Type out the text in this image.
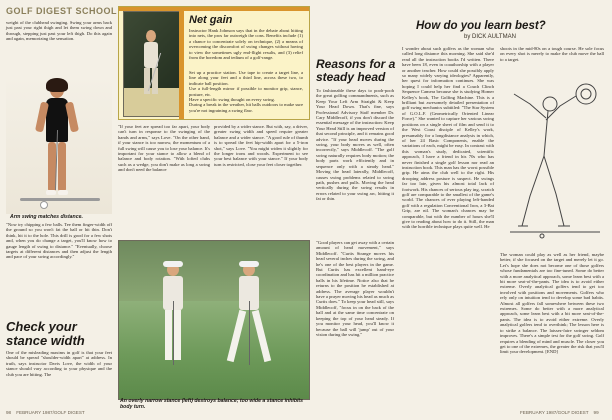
GOLF DIGEST SCHOOL
weight of the clubhead swinging. Swing your arms back just past your right thigh and let them swing down and through, stepping just past your left thigh. Do this again and again, memorizing the sensation.
Arm swing matches distance.
"Now try chipping a few balls. Tee them finger-width off the ground so you won't fat the ball or hit thin. Don't think, hit it to the hole. This drill is good for a few shots and, when you do change a target, you'll know how to gauge length of swing to distance." "Eventually, choose targets at different distances and then adjust the length and pace of your swing accordingly."
Check your
stance width
One of the misleading maxims in golf is that your feet should be spread "shoulder-width apart" at address. In truth, says instructor Davis Love, the width of your stance should vary according to your physique and the club you are hitting. The
Net gain
Instructor Hank Johnson says that in the debate about hitting into nets, the pros far outweigh the cons. Benefits include (1) a chance to concentrate solely on technique, (2) a means of overcoming the discomfort of swing changes without having to view the sometimes ugly end-flight results, and (3) relief from the boredom and tedium of a golf-range.
Set up a practice station. Use tape to create a target line, a line along your feet and a third line, across these two, to indicate ball position.
Use a full-length mirror if possible to monitor grip, stance, posture, etc.
Have a specific swing thought on every swing.
During a break in the weather, hit balls outdoors to make sure you're not ingraining a swing flaw.
"If your feet are spread too far apart, your body can't turn in response to the swinging of the hands and arms," says Love. "On the other hand, if your stance is too narrow, the momentum of a full swing will cause you to lose your balance. It's important for your stance to allow a blend of balance and body rotation. "With lofted clubs such as a wedge, you don't make as long a swing and don't need the balance
provided by a wider stance. But with, say, a driver, greater swing width and speed require greater balance and a wider stance. "A good rule of thumb is to spread the feet hip-width apart for a 5-iron shot," says Love. "You might widen it slightly for the longer irons and woods. Experiment to see your best balance with your stance." If your body turn is restricted, close your feet closer together.
An overly narrow stance (left) destroys balance; too wide a stance inhibits body turn.
Reasons for a
steady head
To fashionable these days to pooh-pooh the great golfing commandments, such as Keep Your Left Arm Straight & Keep Your Head Down. That's fine, says Professional Advisory Staff member Dr. Cary Middlecoff, if you don't discard the essential message of the instruction: Keep Your Head Still is an improved version of that second principle, and it remains good advice. "If your head moves during the swing, your body moves as well, often incorrectly," says Middlecoff. "The golf swing naturally requires body motion; the body parts work efficiently and in sequence only with a steady head." Moving the head laterally, Middlecoff, causes swing problems related to swing path, pushes and pulls. Moving the head vertically during the swing results in errors related to your swing arc, hitting it fat or thin.
"Good players can get away with a certain amount of head movement," says Middlecoff. "Curtis Strange moves his head several inches during the swing, and he's one of the best players in the game. But Curtis has excellent hand-eye coordination and has hit a million practice balls in his lifetime. Notice also that he returns to the position he established at address. The average player wouldn't have a prayer moving his head as much as Curtis does." To keep your head still, says Middlecoff, "focus in on the back of the ball and at the same time concentrate on keeping the top of your head steady. If you monitor your head, you'll know it because the ball will 'jump' out of your vision during the swing."
How do you learn best?
by DICK AULTMAN
I wonder about such golfers as the woman who called long distance this morning. She said she'd read all the instruction books I'd written. There have been 18, even in coauthorship with a player or another teacher. How could she possibly apply so many widely varying ideologies? Apparently, her quest for information continues. She was hoping I could help her find a Couch Clinch Sequence Camera because she is studying Homer Kelley's book, The Golfing Machine. This is a brilliant but awesomely detailed presentation of golf swing mechanics subtitled: "The Star System of G.O.L.F. (Geometrically Oriented Linear Force)." She wanted to capture her various swing positions on a single sheet of film and send it to the West Coast disciple of Kelley's work, presumably for a longdistance analysis in which, of her 24 Basic Components, enable the variations of each, might be easy. In contrast with this woman's study, dedicated, scientific approach, I have a friend in his 70s who has never finished a single golf lesson nor read an instruction book. This man has the worst possible grip. He aims the club well to the right. His drooping address posture is suspect. He swings far too late, given his almost total lack of footwork. His chances of serious play ing, scratch golf are comparable to the smallest of the game's world. The chances of ever playing left-handed golf with a regulation Conventional Iron, a 3-Bat Grip, are nil. The woman's chances may be comparable, but with the number of hours she'll give to reading about how to do it. Still, the man with the horrible technique plays quite well. He
shoots in the mid-80s on a tough course. He sole focus on every shot is merely to make the club move the ball to a target.
The woman could play as well as her friend, maybe better, if she focused on the target and merely let it go. Let's hope she does not become one of those golfers whose fundamentals are too fine-tuned. Some do better with a more analytical approach, some learn best with a bit more seat-of-the-pants. The idea is to avoid either extreme. Overly analytical golfers tend to get too involved with positions and movements. Golfers who rely only on intuition tend to develop some bad habits. Almost all golfers fall somewhere between these two extremes. Some do better with a more analytical approach, some learn best with a bit more seat-of-the-pants. The idea is to avoid either extreme. Overly analytical golfers tend to overthink; The lesson here is to strike a balance. The laissez-faire swinger seldom improves. There's a simple test for the golf swing. Golf requires a blending of mind and muscle. The closer you get to one of the extremes, the greater the risk that you'll limit your development. [END]
98 FEBRUARY 1987/GOLF DIGEST	FEBRUARY 1987/GOLF DIGEST 99
